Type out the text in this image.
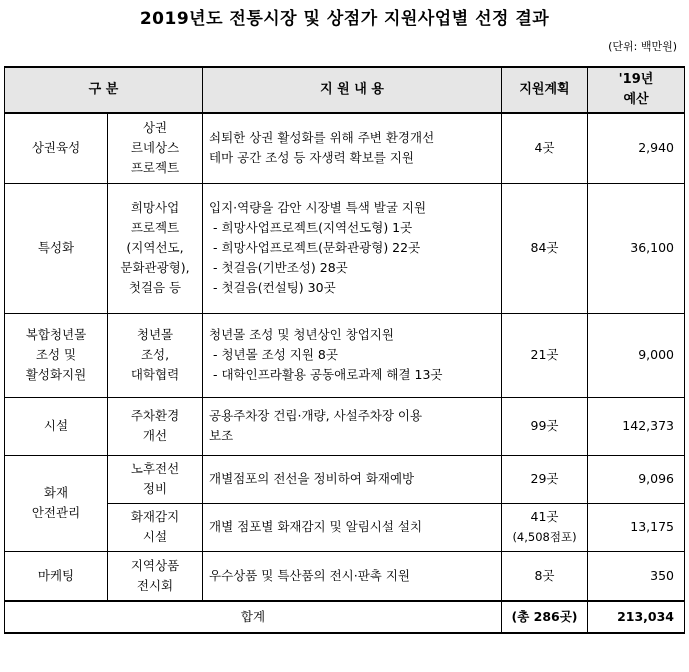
2019년도 전통시장 및 상점가 지원사업별 선정 결과
(단위: 백만원)
구 분		지 원 내 용	지원계획	'19년
예산

상권육성	상권
르네상스
프로젝트	쇠퇴한 상권 활성화를 위해 주변 환경개선
테마 공간 조성 등 자생력 확보를 지원	4곳	2,940
특성화	희망사업
프로젝트
(지역선도,
문화관광형),
첫걸음 등	입지·역량을 감안 시장별 특색 발굴 지원
- 희망사업프로젝트(지역선도형) 1곳
- 희망사업프로젝트(문화관광형) 22곳
- 첫걸음(기반조성) 28곳
- 첫걸음(컨설팅) 30곳	84곳	36,100

복합청년몰
조성 및
활성화지원	청년몰
조성,
대학협력	청년몰 조성 및 청년상인 창업지원
- 청년몰 조성 지원 8곳
- 대학인프라활용 공동애로과제 해결 13곳	21곳	9,000
시설	주차환경
개선	공용주차장 건립·개량, 사설주차장 이용
보조	99곳	142,373

화재
안전관리	노후전선
정비	개별점포의 전선을 정비하여 화재예방	29곳	9,096

	화재감지
시설	개별 점포별 화재감지 및 알림시설 설치	41곳
(4,508점포)	13,175
마케팅	지역상품
전시회	우수상품 및 특산품의 전시·판촉 지원	8곳	350
합계			(총 286곳)	213,034
